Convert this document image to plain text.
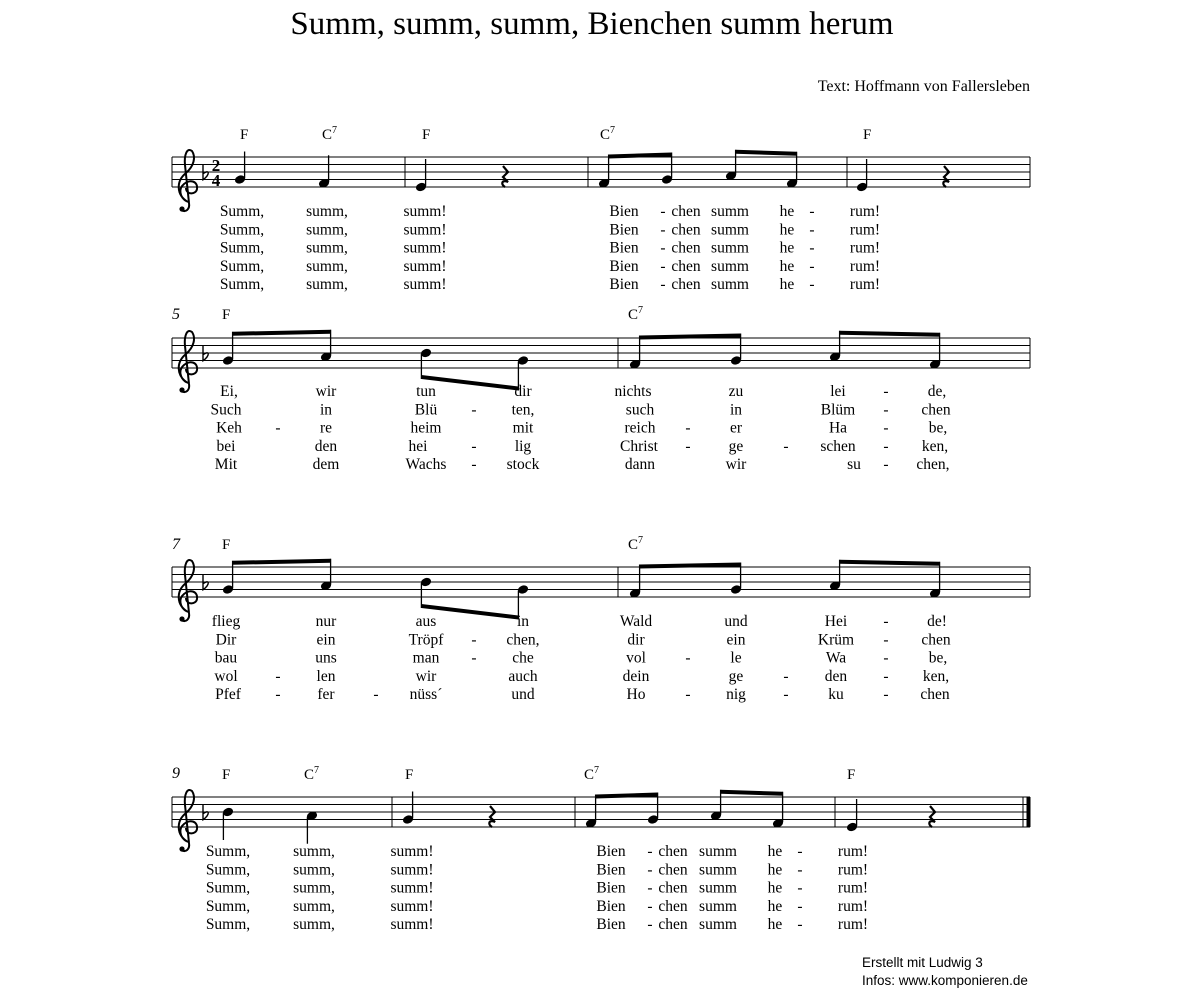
Summ, summ, summ, Bienchen summ herum
Text: Hoffmann von Fallersleben
2
4
F	$C^7$	F	$C^7$	F
Summ,	summ,	summ!	Bien - chen summ he - rum!
Summ,	summ,	summ!	Bien - chen summ he - rum!
Summ,	summ,	summ!	Bien - chen summ he - rum!
Summ,	summ,	summ!	Bien - chen summ he - rum!
Summ,	summ,	summ!	Bien - chen summ he - rum!
5	F	$C^7$
Ei,	wir	tun	dir	nichts	zu	lei -	de,
Such	in	Blü - ten,	such	in	Blüm - chen
Keh -	re	heim	mit	reich -	er	Ha -	be,
bei	den	hei	- lig	Christ - ge	- schen - ken,
Mit	dem	Wachs - stock	dann	wir	su - chen,
7	F	$C^7$
flieg	nur	aus	in	Wald	und	Hei - de!
Dir	ein	Tröpf - chen,	dir	ein	Krüm - chen
bau	uns	man - che	vol	-	le	Wa -	be,
wol - len	wir	auch	dein	ge	- den - ken,
Pfef - fer	- nüss´	und	Ho	- nig -	ku	- chen
9	F	$C^7$	F	$C^7$	F
Summ,	summ,	summ!	Bien - chen summ he - rum!
Summ,	summ,	summ!	Bien - chen summ he - rum!
Summ,	summ,	summ!	Bien - chen summ he - rum!
Summ,	summ,	summ!	Bien - chen summ he - rum!
Summ,	summ,	summ!	Bien - chen summ he - rum!
Erstellt mit Ludwig 3
Infos: www.komponieren.de
